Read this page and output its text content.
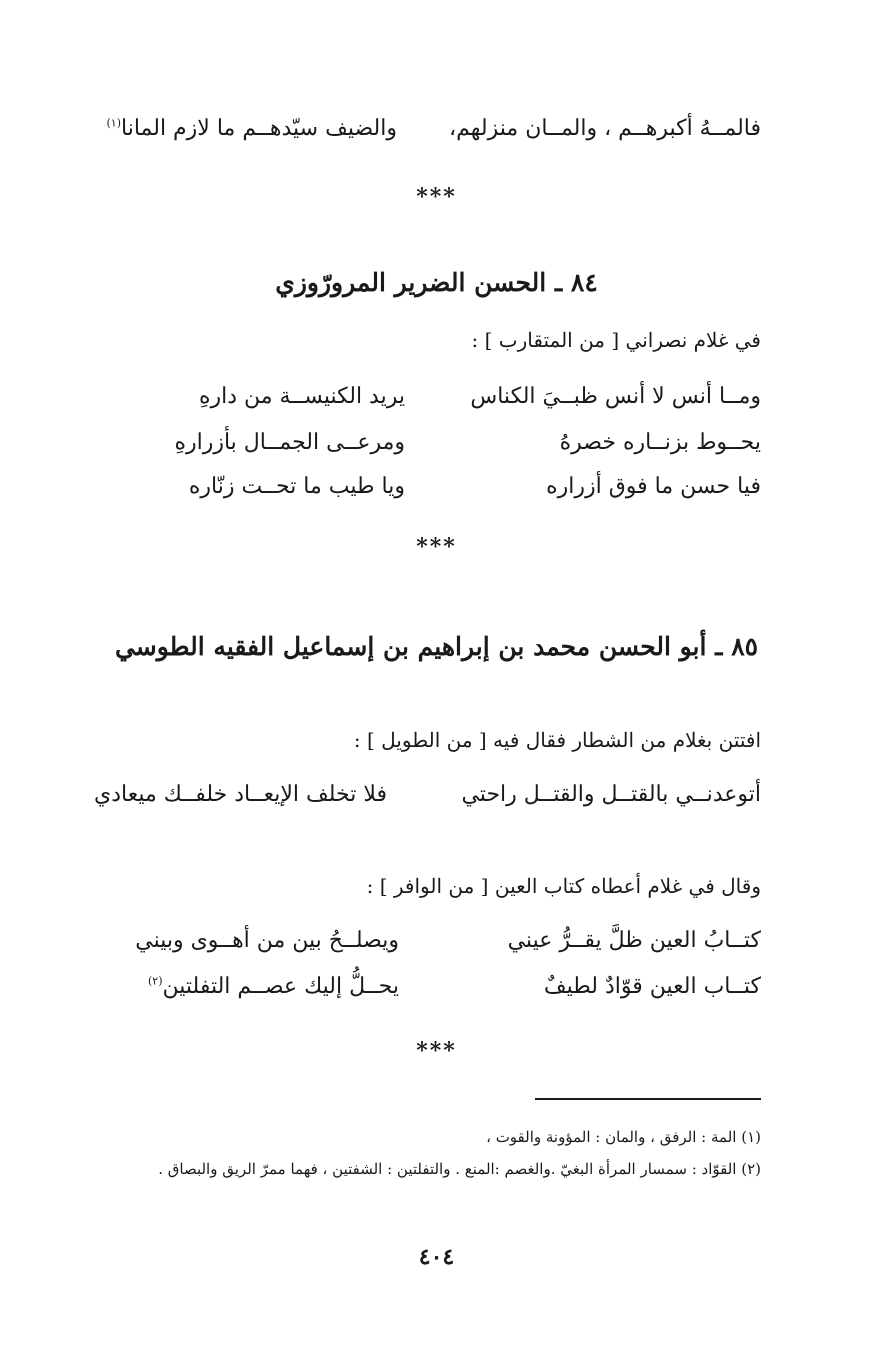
فالمــهُ أكبرهــم ، والمــان منزلهم،
والضيف سيّدهــم ما لازم المانا$^{(١)}$
***
٨٤ ـ الحسن الضرير المرورّوزي
في غلام نصراني [ من المتقارب ] :
ومــا أنس لا أنس ظبــيَ الكناس
يريد الكنيســة من دارهِ
يحــوط بزنــاره خصرهُ
ومرعــى الجمــال بأزرارهِ
فيا حسن ما فوق أزراره
ويا طيب ما تحــت زنّاره
***
٨٥ ـ أبو الحسن محمد بن إبراهيم بن إسماعيل الفقيه الطوسي
افتتن بغلام من الشطار فقال فيه [ من الطويل ] :
أتوعدنــي بالقتــل والقتــل راحتي
فلا تخلف الإيعــاد خلفــك ميعادي
وقال في غلام أعطاه كتاب العين [ من الوافر ] :
كتــابُ العين ظلَّ يقــرُّ عيني
ويصلــحُ بين من أهــوى وبيني
كتــاب العين قوّادٌ لطيفٌ
يحــلُّ إليك عصــم التفلتين$^{(٢)}$
***
(١) المة : الرفق ، والمان : المؤونة والقوت ،
(٢) القوّاد : سمسار المرأة البغيّ .والغصم :المنع . والتفلتين : الشفتين ، فهما ممرّ الريق والبصاق .
٤٠٤
